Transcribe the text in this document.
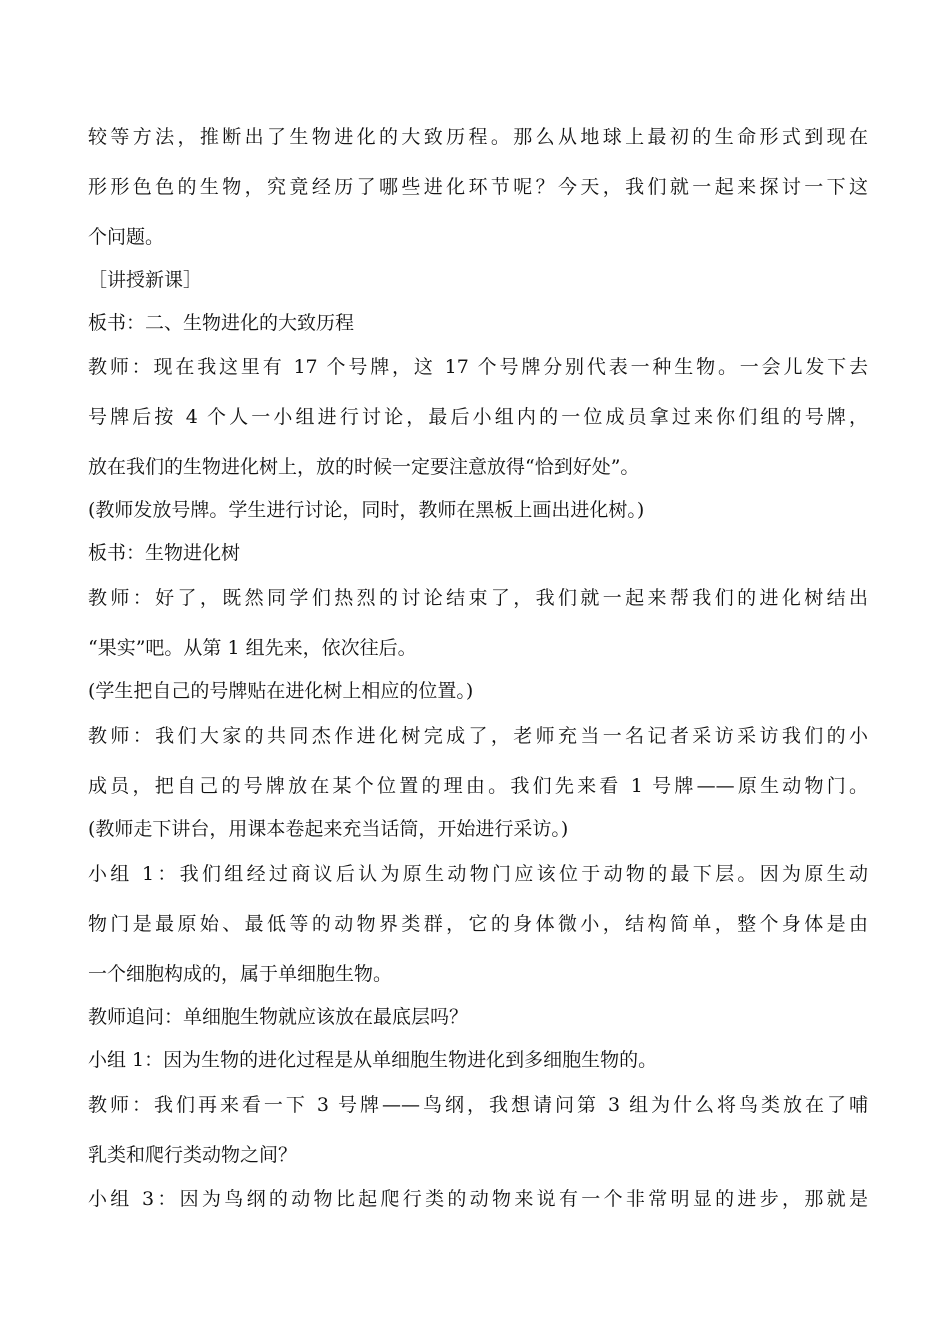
较等方法，推断出了生物进化的大致历程。那么从地球上最初的生命形式到现在

形形色色的生物，究竟经历了哪些进化环节呢？今天，我们就一起来探讨一下这

个问题。

［讲授新课］

板书：二、生物进化的大致历程

教师：现在我这里有 17 个号牌，这 17 个号牌分别代表一种生物。一会儿发下去

号牌后按 4 个人一小组进行讨论，最后小组内的一位成员拿过来你们组的号牌，

放在我们的生物进化树上，放的时候一定要注意放得“恰到好处”。

(教师发放号牌。学生进行讨论，同时，教师在黑板上画出进化树。)

板书：生物进化树

教师：好了，既然同学们热烈的讨论结束了，我们就一起来帮我们的进化树结出

“果实”吧。从第 1 组先来，依次往后。

(学生把自己的号牌贴在进化树上相应的位置。)

教师：我们大家的共同杰作进化树完成了，老师充当一名记者采访采访我们的小

成员，把自己的号牌放在某个位置的理由。我们先来看 1 号牌——原生动物门。

(教师走下讲台，用课本卷起来充当话筒，开始进行采访。)

小组 1：我们组经过商议后认为原生动物门应该位于动物的最下层。因为原生动

物门是最原始、最低等的动物界类群，它的身体微小，结构简单，整个身体是由

一个细胞构成的，属于单细胞生物。

教师追问：单细胞生物就应该放在最底层吗？

小组 1：因为生物的进化过程是从单细胞生物进化到多细胞生物的。

教师：我们再来看一下 3 号牌——鸟纲，我想请问第 3 组为什么将鸟类放在了哺

乳类和爬行类动物之间？

小组 3：因为鸟纲的动物比起爬行类的动物来说有一个非常明显的进步，那就是
